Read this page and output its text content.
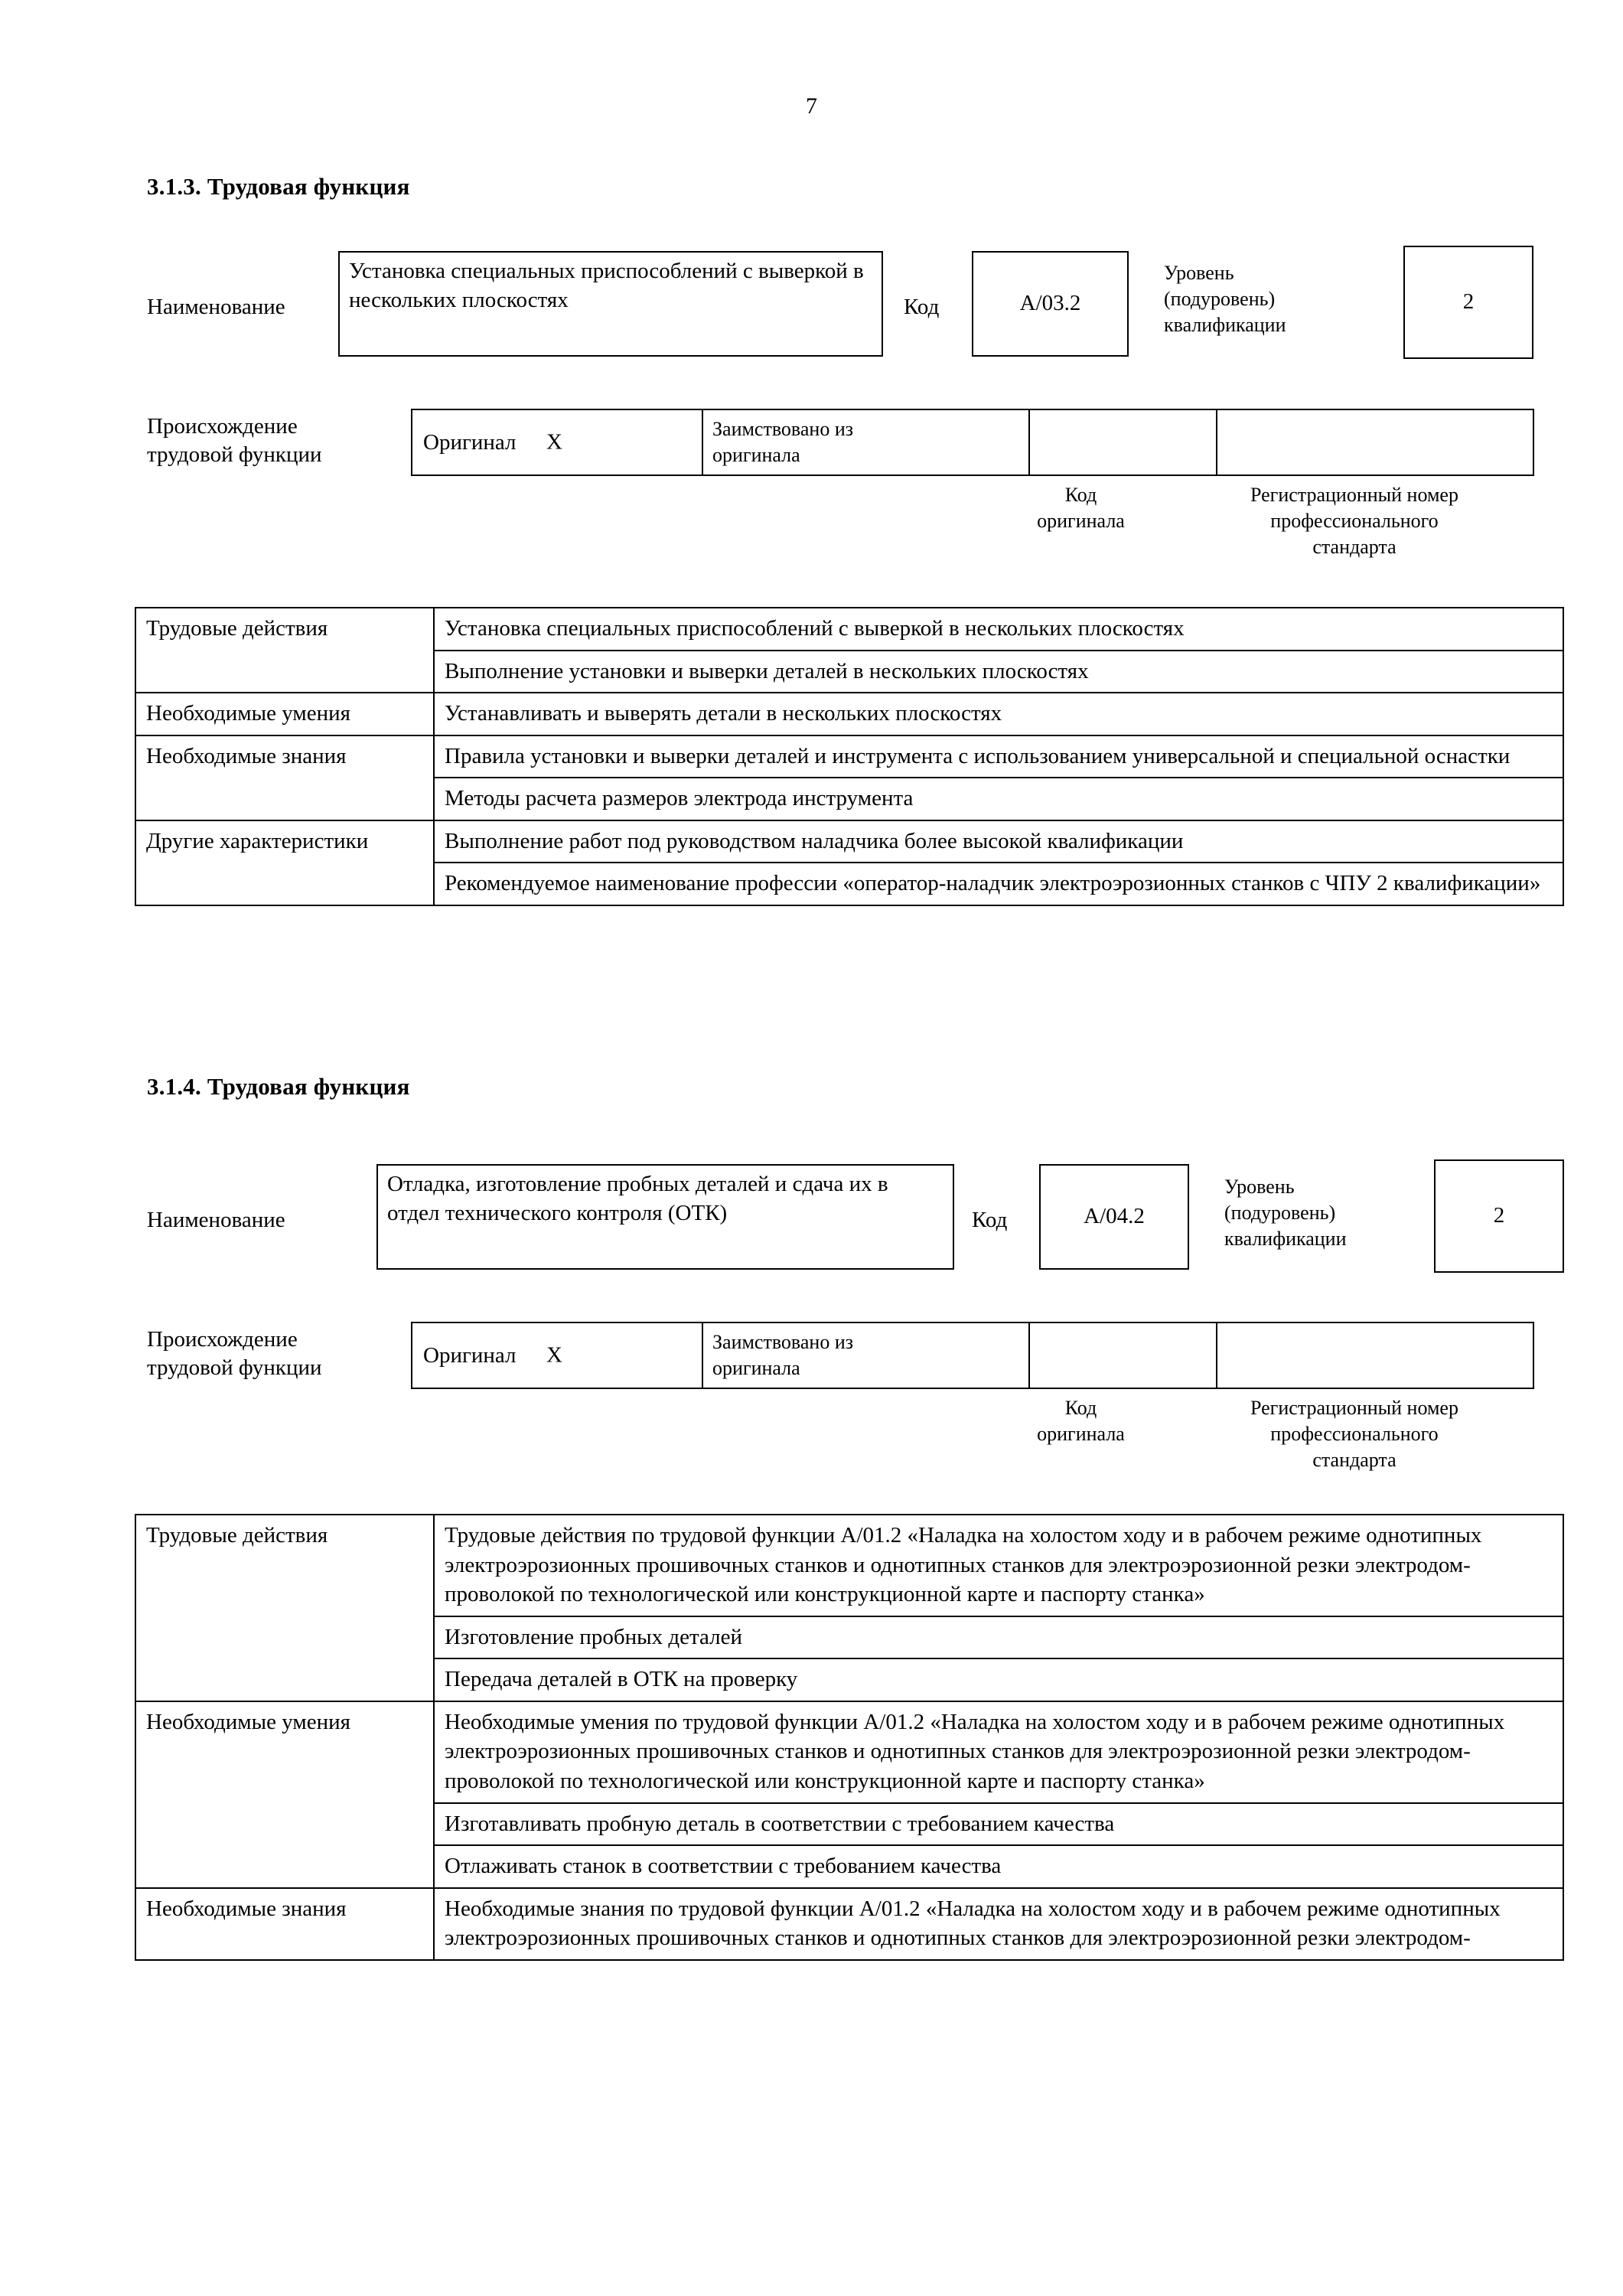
7
3.1.3. Трудовая функция
Наименование
Установка специальных приспособлений с выверкой в нескольких плоскостях	Код	A/03.2
Уровень
(подуровень)
квалификации
2
Происхождение
трудовой функции
Оригинал X
Заимствовано из
оригинала
Код
оригинала
Регистрационный номер
профессионального
стандарта
Трудовые действия	Установка специальных приспособлений с выверкой в нескольких плоскостях
	Выполнение установки и выверки деталей в нескольких плоскостях
Необходимые умения	Устанавливать и выверять детали в нескольких плоскостях
Необходимые знания	Правила установки и выверки деталей и инструмента с использованием универсальной и специальной оснастки
	Методы расчета размеров электрода инструмента
Другие характеристики	Выполнение работ под руководством наладчика более высокой квалификации
	Рекомендуемое наименование профессии «оператор-наладчик электроэрозионных станков с ЧПУ 2 квалификации»
3.1.4. Трудовая функция
Наименование
Отладка, изготовление пробных деталей и сдача их в отдел технического контроля (ОТК)	Код	A/04.2
Уровень
(подуровень)
квалификации
2
Происхождение
трудовой функции
Оригинал X
Заимствовано из
оригинала
Код
оригинала
Регистрационный номер
профессионального
стандарта
Трудовые действия	Трудовые действия по трудовой функции А/01.2 «Наладка на холостом ходу и в рабочем режиме однотипных электроэрозионных прошивочных станков и однотипных станков для электроэрозионной резки электродом-проволокой по технологической или конструкционной карте и паспорту станка»
	Изготовление пробных деталей
	Передача деталей в ОТК на проверку
Необходимые умения	Необходимые умения по трудовой функции А/01.2 «Наладка на холостом ходу и в рабочем режиме однотипных электроэрозионных прошивочных станков и однотипных станков для электроэрозионной резки электродом-проволокой по технологической или конструкционной карте и паспорту станка»
	Изготавливать пробную деталь в соответствии с требованием качества
	Отлаживать станок в соответствии с требованием качества
Необходимые знания	Необходимые знания по трудовой функции А/01.2 «Наладка на холостом ходу и в рабочем режиме однотипных электроэрозионных прошивочных станков и однотипных станков для электроэрозионной резки электродом-
